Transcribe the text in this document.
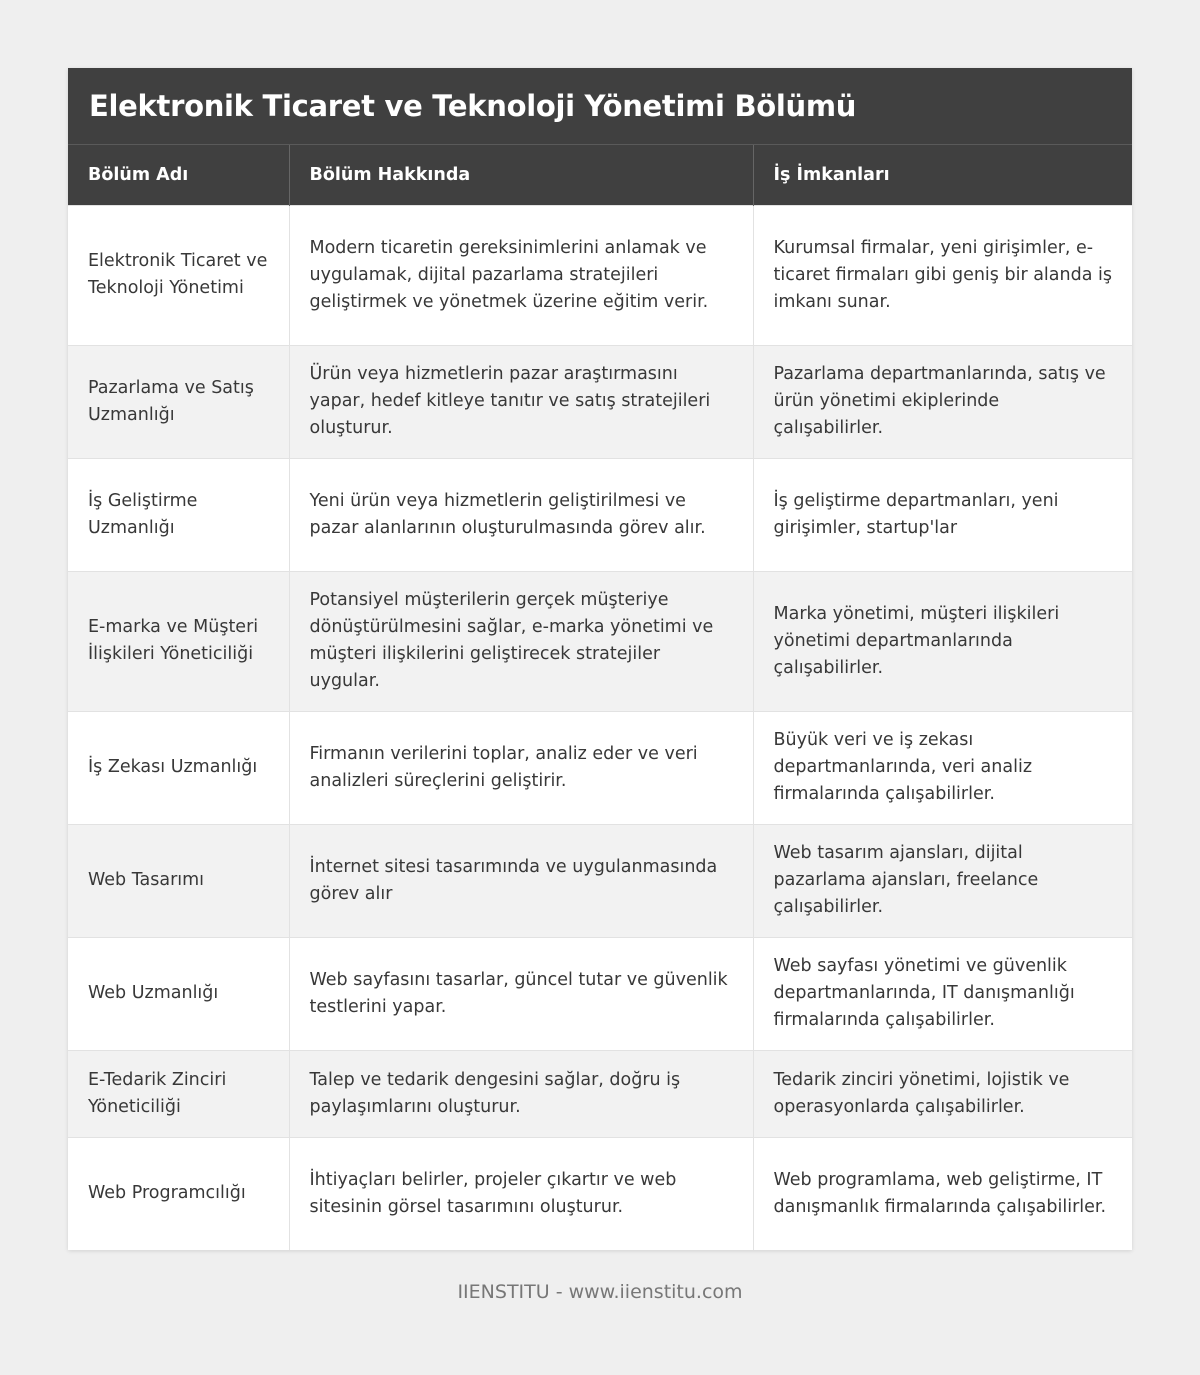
Elektronik Ticaret ve Teknoloji Yönetimi Bölümü
Bölüm Adı	Bölüm Hakkında	İş İmkanları
Elektronik Ticaret ve Teknoloji Yönetimi	Modern ticaretin gereksinimlerini anlamak ve uygulamak, dijital pazarlama stratejileri geliştirmek ve yönetmek üzerine eğitim verir.	Kurumsal firmalar, yeni girişimler, e-ticaret firmaları gibi geniş bir alanda iş imkanı sunar.
Pazarlama ve Satış Uzmanlığı	Ürün veya hizmetlerin pazar araştırmasını yapar, hedef kitleye tanıtır ve satış stratejileri oluşturur.	Pazarlama departmanlarında, satış ve ürün yönetimi ekiplerinde çalışabilirler.
İş Geliştirme Uzmanlığı	Yeni ürün veya hizmetlerin geliştirilmesi ve pazar alanlarının oluşturulmasında görev alır.	İş geliştirme departmanları, yeni girişimler, startup'lar
E-marka ve Müşteri İlişkileri Yöneticiliği	Potansiyel müşterilerin gerçek müşteriye dönüştürülmesini sağlar, e-marka yönetimi ve müşteri ilişkilerini geliştirecek stratejiler uygular.	Marka yönetimi, müşteri ilişkileri yönetimi departmanlarında çalışabilirler.
İş Zekası Uzmanlığı	Firmanın verilerini toplar, analiz eder ve veri analizleri süreçlerini geliştirir.	Büyük veri ve iş zekası departmanlarında, veri analiz firmalarında çalışabilirler.
Web Tasarımı	İnternet sitesi tasarımında ve uygulanmasında görev alır	Web tasarım ajansları, dijital pazarlama ajansları, freelance çalışabilirler.
Web Uzmanlığı	Web sayfasını tasarlar, güncel tutar ve güvenlik testlerini yapar.	Web sayfası yönetimi ve güvenlik departmanlarında, IT danışmanlığı firmalarında çalışabilirler.
E-Tedarik Zinciri Yöneticiliği	Talep ve tedarik dengesini sağlar, doğru iş paylaşımlarını oluşturur.	Tedarik zinciri yönetimi, lojistik ve operasyonlarda çalışabilirler.
Web Programcılığı	İhtiyaçları belirler, projeler çıkartır ve web sitesinin görsel tasarımını oluşturur.	Web programlama, web geliştirme, IT danışmanlık firmalarında çalışabilirler.
IIENSTITU - www.iienstitu.com
